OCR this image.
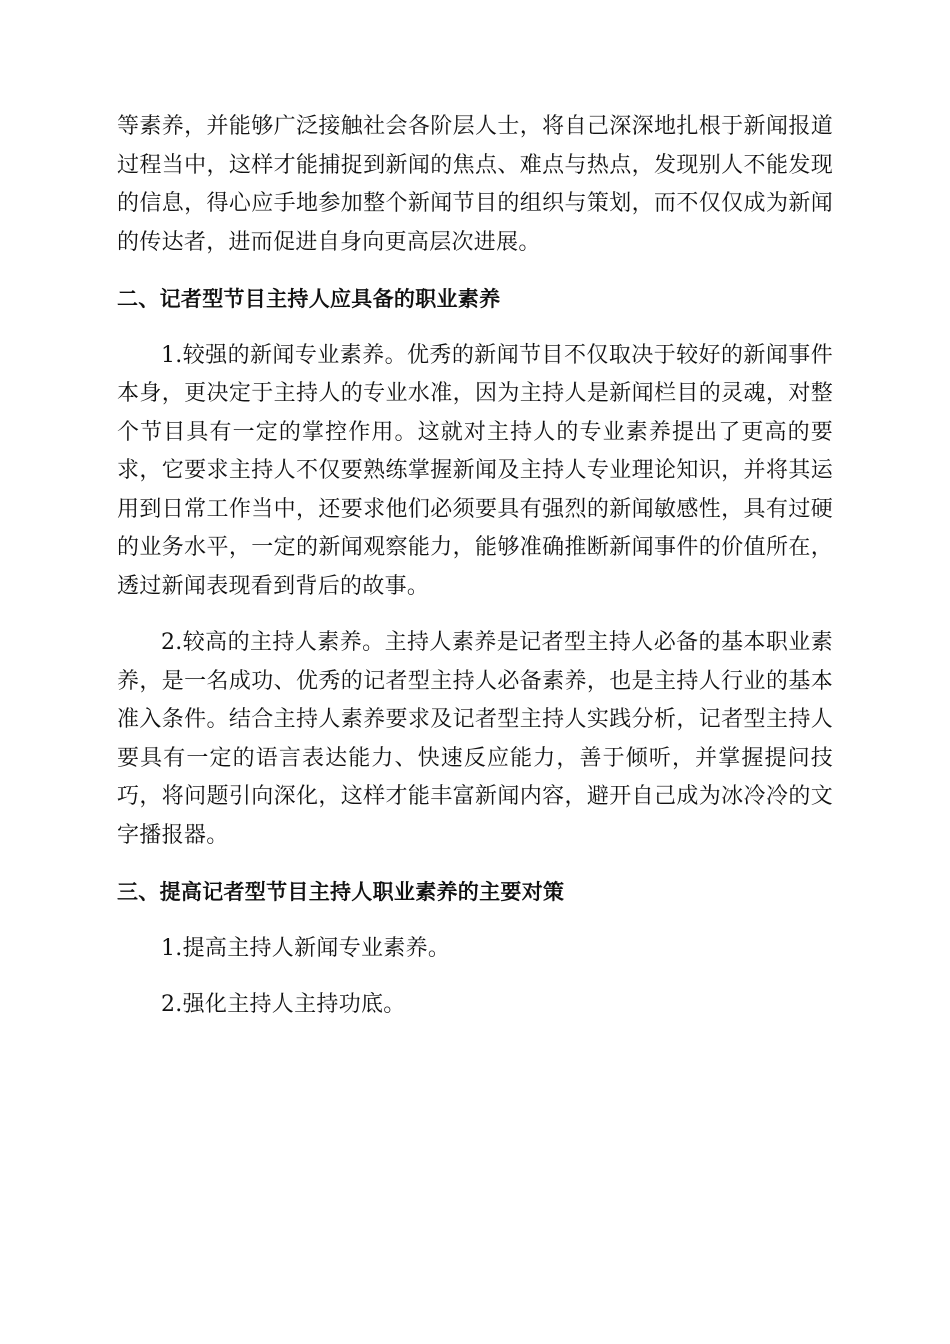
等素养，并能够广泛接触社会各阶层人士，将自己深深地扎根于新闻报道过程当中，这样才能捕捉到新闻的焦点、难点与热点，发现别人不能发现的信息，得心应手地参加整个新闻节目的组织与策划，而不仅仅成为新闻的传达者，进而促进自身向更高层次进展。

二、记者型节目主持人应具备的职业素养

1.较强的新闻专业素养。优秀的新闻节目不仅取决于较好的新闻事件本身，更决定于主持人的专业水准，因为主持人是新闻栏目的灵魂，对整个节目具有一定的掌控作用。这就对主持人的专业素养提出了更高的要求，它要求主持人不仅要熟练掌握新闻及主持人专业理论知识，并将其运用到日常工作当中，还要求他们必须要具有强烈的新闻敏感性，具有过硬的业务水平，一定的新闻观察能力，能够准确推断新闻事件的价值所在，透过新闻表现看到背后的故事。

2.较高的主持人素养。主持人素养是记者型主持人必备的基本职业素养，是一名成功、优秀的记者型主持人必备素养，也是主持人行业的基本准入条件。结合主持人素养要求及记者型主持人实践分析，记者型主持人要具有一定的语言表达能力、快速反应能力，善于倾听，并掌握提问技巧，将问题引向深化，这样才能丰富新闻内容，避开自己成为冰冷冷的文字播报器。

三、提高记者型节目主持人职业素养的主要对策

1.提高主持人新闻专业素养。

2.强化主持人主持功底。
